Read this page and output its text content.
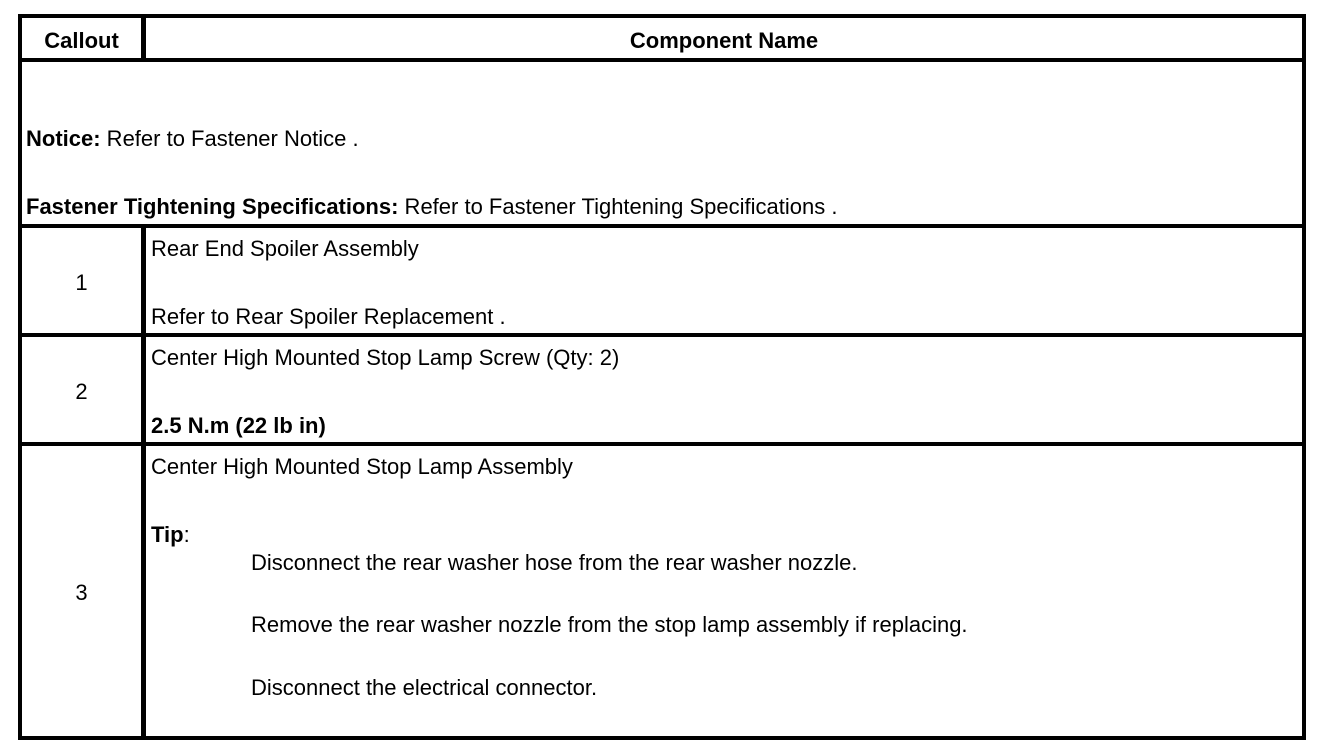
Callout	Component Name
Notice: Refer to Fastener Notice .
Fastener Tightening Specifications: Refer to Fastener Tightening Specifications .
1
Rear End Spoiler Assembly
Refer to Rear Spoiler Replacement .
2
Center High Mounted Stop Lamp Screw (Qty: 2)
2.5 N.m (22 lb in)
3
Center High Mounted Stop Lamp Assembly
Tip:
Disconnect the rear washer hose from the rear washer nozzle.
Remove the rear washer nozzle from the stop lamp assembly if replacing.
Disconnect the electrical connector.
